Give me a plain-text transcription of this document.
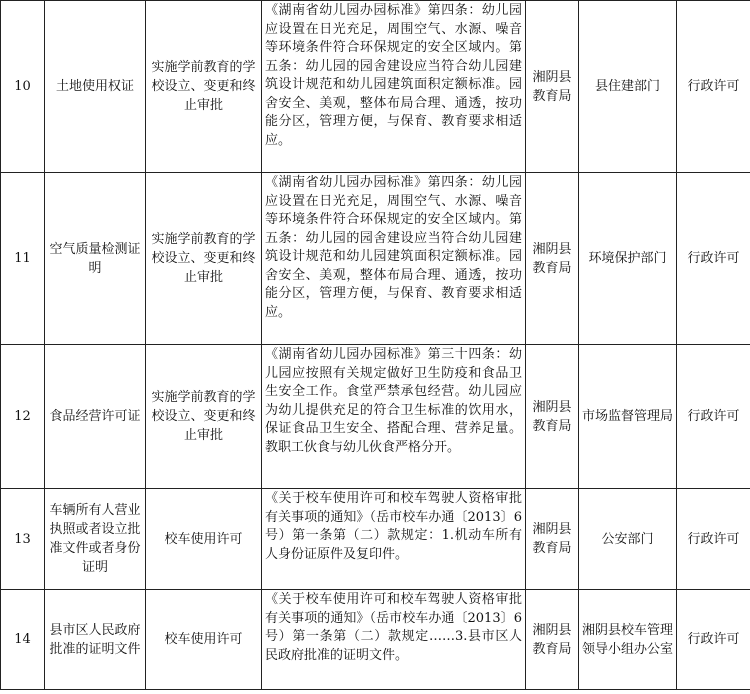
10	土地使用权证	实施学前教育的学校设立、变更和终止审批	《湖南省幼儿园办园标准》第四条：幼儿园应设置在日光充足，周围空气、水源、噪音等环境条件符合环保规定的安全区域内。第五条：幼儿园的园舍建设应当符合幼儿园建筑设计规范和幼儿园建筑面积定额标准。园舍安全、美观，整体布局合理、通透，按功能分区，管理方便，与保育、教育要求相适应。	湘阴县教育局	县住建部门	行政许可
11	空气质量检测证明	实施学前教育的学校设立、变更和终止审批	《湖南省幼儿园办园标准》第四条：幼儿园应设置在日光充足，周围空气、水源、噪音等环境条件符合环保规定的安全区域内。第五条：幼儿园的园舍建设应当符合幼儿园建筑设计规范和幼儿园建筑面积定额标准。园舍安全、美观，整体布局合理、通透，按功能分区，管理方便，与保育、教育要求相适应。	湘阴县教育局	环境保护部门	行政许可
12	食品经营许可证	实施学前教育的学校设立、变更和终止审批	《湖南省幼儿园办园标准》第三十四条：幼儿园应按照有关规定做好卫生防疫和食品卫生安全工作。食堂严禁承包经营。幼儿园应为幼儿提供充足的符合卫生标准的饮用水，保证食品卫生安全、搭配合理、营养足量。教职工伙食与幼儿伙食严格分开。	湘阴县教育局	市场监督管理局	行政许可
13	车辆所有人营业执照或者设立批准文件或者身份证明	校车使用许可	《关于校车使用许可和校车驾驶人资格审批有关事项的通知》（岳市校车办通〔2013〕6号）第一条第（二）款规定：1.机动车所有人身份证原件及复印件。	湘阴县教育局	公安部门	行政许可
14	县市区人民政府批准的证明文件	校车使用许可	《关于校车使用许可和校车驾驶人资格审批有关事项的通知》（岳市校车办通〔2013〕6号）第一条第（二）款规定……3.县市区人民政府批准的证明文件。	湘阴县教育局	湘阴县校车管理领导小组办公室	行政许可
